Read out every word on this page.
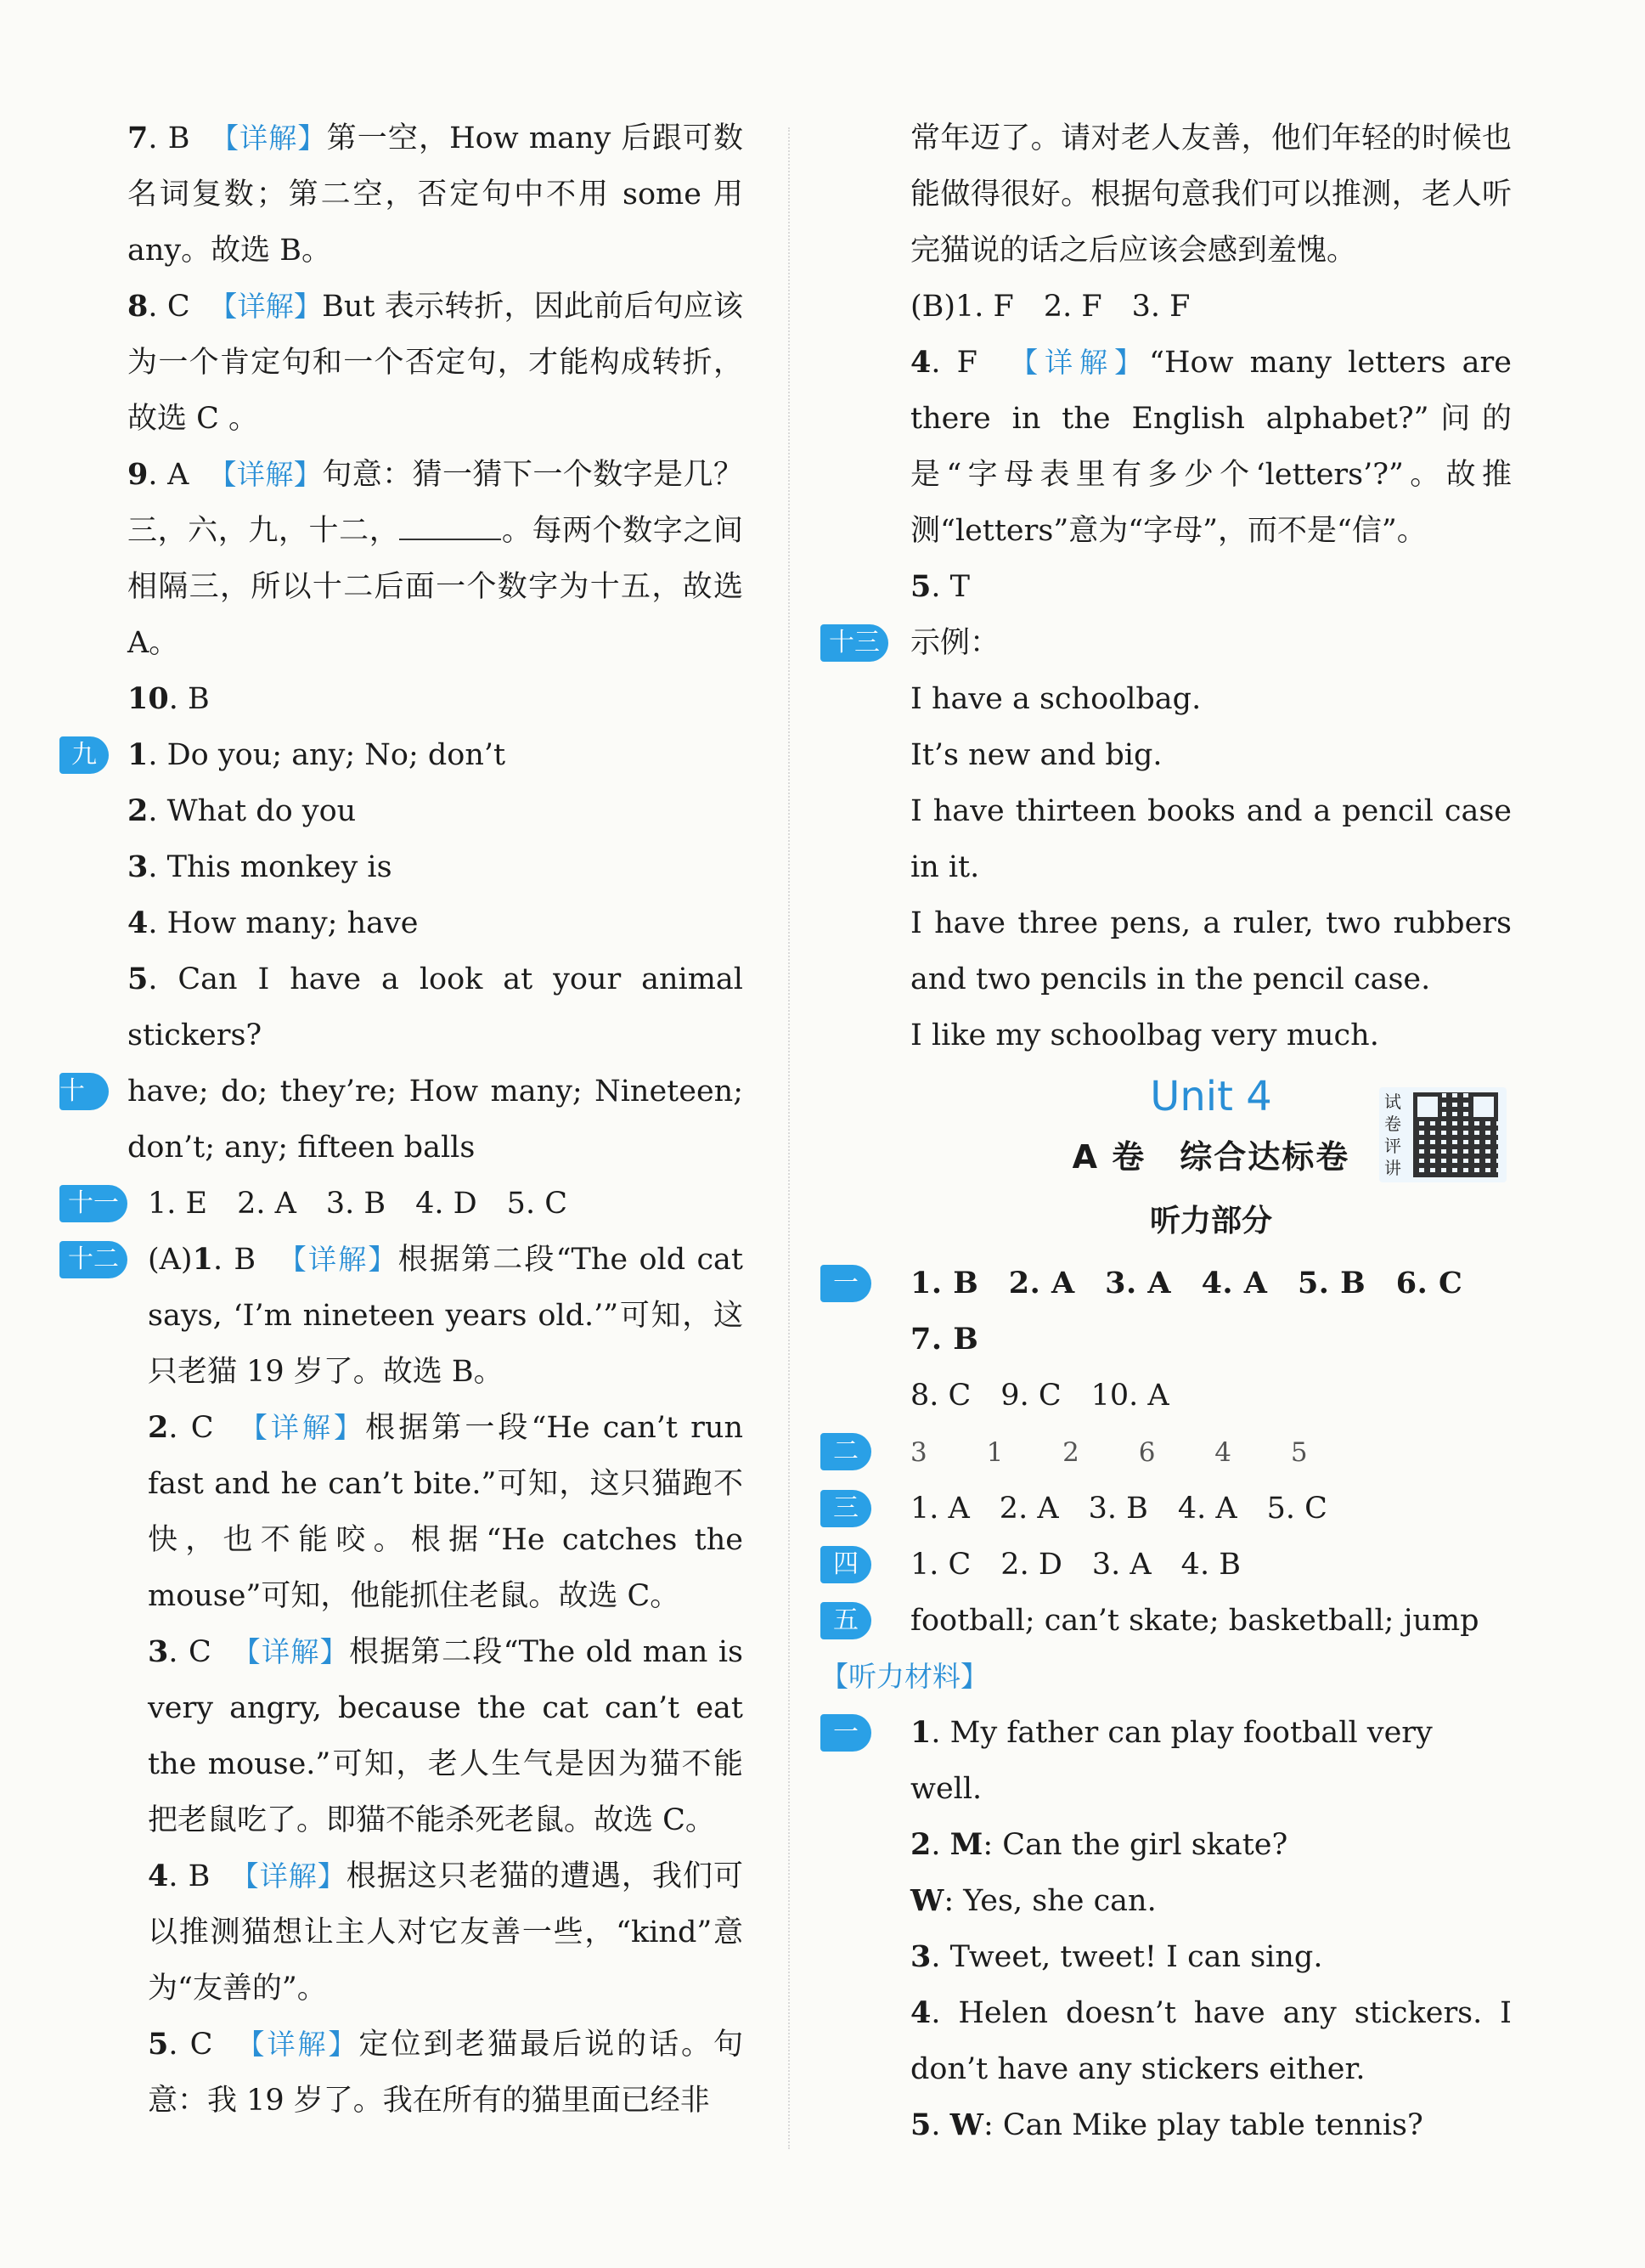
7. B 【详解】第一空，How many 后跟可数名词复数；第二空，否定句中不用 some 用 any。故选 B。
8. C 【详解】But 表示转折，因此前后句应该为一个肯定句和一个否定句，才能构成转折，故选 C 。
9. A 【详解】句意：猜一猜下一个数字是几？三，六，九，十二，	。每两个数字之间相隔三，所以十二后面一个数字为十五，故选 A。
10. B
九	1. Do you; any; No; don’t
2. What do you
3. This monkey is
4. How many; have
5. Can I have a look at your animal stickers?
十	have; do; they’re; How many; Nineteen; don’t; any; fifteen balls
十一 1. E　2. A　3. B　4. D　5. C
十二 (A)1. B 【详解】根据第二段“The old cat says, ‘I’m nineteen years old.’”可知，这只老猫 19 岁了。故选 B。
2. C 【详解】根据第一段“He can’t run fast and he can’t bite.”可知，这只猫跑不快，也不能咬。根据“He catches the mouse”可知，他能抓住老鼠。故选 C。
3. C 【详解】根据第二段“The old man is very angry, because the cat can’t eat the mouse.”可知，老人生气是因为猫不能把老鼠吃了。即猫不能杀死老鼠。故选 C。
4. B 【详解】根据这只老猫的遭遇，我们可以推测猫想让主人对它友善一些，“kind”意为“友善的”。
5. C 【详解】定位到老猫最后说的话。句意：我 19 岁了。我在所有的猫里面已经非
常年迈了。请对老人友善，他们年轻的时候也能做得很好。根据句意我们可以推测，老人听完猫说的话之后应该会感到羞愧。
(B)1. F　2. F　3. F
4. F 【详解】“How many letters are there in the English alphabet?”问的是“字母表里有多少个‘letters’?”。故推测“letters”意为“字母”，而不是“信”。
5. T
十三 示例：
I have a schoolbag.
It’s new and big.
I have thirteen books and a pencil case in it.
I have three pens, a ruler, two rubbers and two pencils in the pencil case.
I like my schoolbag very much.
Unit 4
A 卷　综合达标卷
试卷评讲
听力部分
一	1. B　2. A　3. A　4. A　5. B　6. C　7. B
8. C　9. C　10. A
二	3 1 2 6 4 5
三	1. A　2. A　3. B　4. A　5. C
四	1. C　2. D　3. A　4. B
五	football; can’t skate; basketball; jump
【听力材料】
一	1. My father can play football very well.
2. M: Can the girl skate?
W: Yes, she can.
3. Tweet, tweet! I can sing.
4. Helen doesn’t have any stickers. I don’t have any stickers either.
5. W: Can Mike play table tennis?
